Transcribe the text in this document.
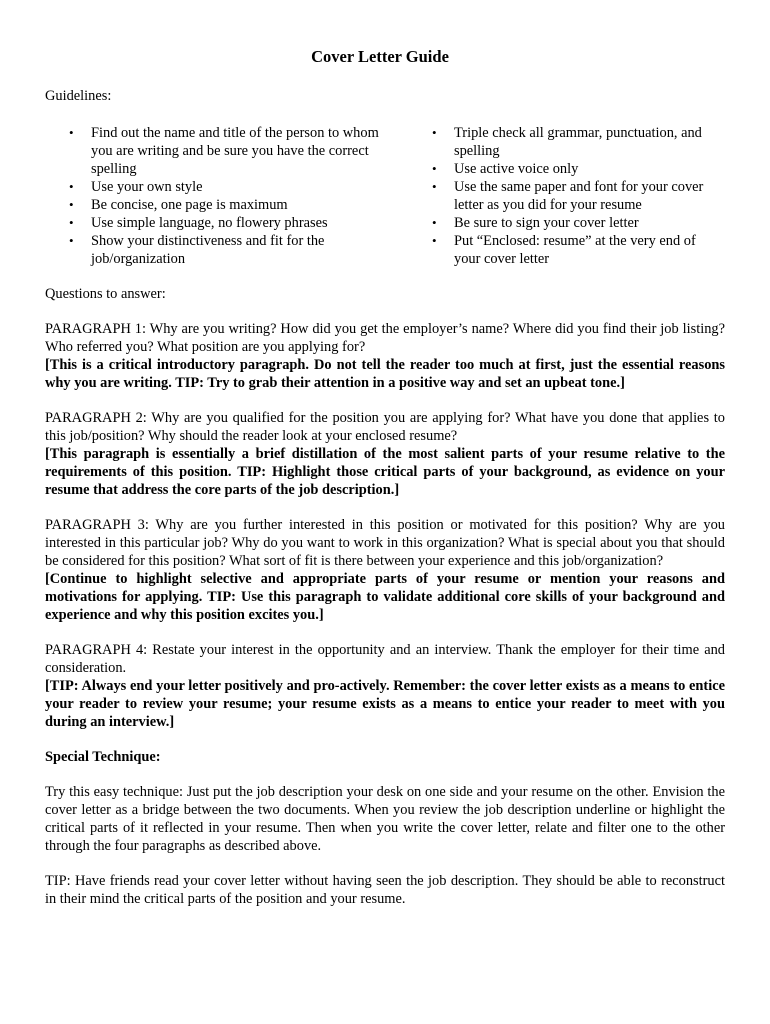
Cover Letter Guide

Guidelines:

• Find out the name and title of the person to whom you are writing and be sure you have the correct spelling
• Use your own style
• Be concise, one page is maximum
• Use simple language, no flowery phrases
• Show your distinctiveness and fit for the job/organization
• Triple check all grammar, punctuation, and spelling
• Use active voice only
• Use the same paper and font for your cover letter as you did for your resume
• Be sure to sign your cover letter
• Put “Enclosed: resume” at the very end of your cover letter

Questions to answer:

PARAGRAPH 1: Why are you writing? How did you get the employer’s name? Where did you find their job listing? Who referred you? What position are you applying for?
[This is a critical introductory paragraph. Do not tell the reader too much at first, just the essential reasons why you are writing. TIP: Try to grab their attention in a positive way and set an upbeat tone.]
PARAGRAPH 2: Why are you qualified for the position you are applying for? What have you done that applies to this job/position? Why should the reader look at your enclosed resume?
[This paragraph is essentially a brief distillation of the most salient parts of your resume relative to the requirements of this position. TIP: Highlight those critical parts of your background, as evidence on your resume that address the core parts of the job description.]
PARAGRAPH 3: Why are you further interested in this position or motivated for this position? Why are you interested in this particular job? Why do you want to work in this organization? What is special about you that should be considered for this position? What sort of fit is there between your experience and this job/organization?
[Continue to highlight selective and appropriate parts of your resume or mention your reasons and motivations for applying. TIP: Use this paragraph to validate additional core skills of your background and experience and why this position excites you.]
PARAGRAPH 4: Restate your interest in the opportunity and an interview. Thank the employer for their time and consideration.
[TIP: Always end your letter positively and pro-actively. Remember: the cover letter exists as a means to entice your reader to review your resume; your resume exists as a means to entice your reader to meet with you during an interview.]

Special Technique:

Try this easy technique: Just put the job description your desk on one side and your resume on the other. Envision the cover letter as a bridge between the two documents. When you review the job description underline or highlight the critical parts of it reflected in your resume. Then when you write the cover letter, relate and filter one to the other through the four paragraphs as described above.

TIP: Have friends read your cover letter without having seen the job description. They should be able to reconstruct in their mind the critical parts of the position and your resume.
